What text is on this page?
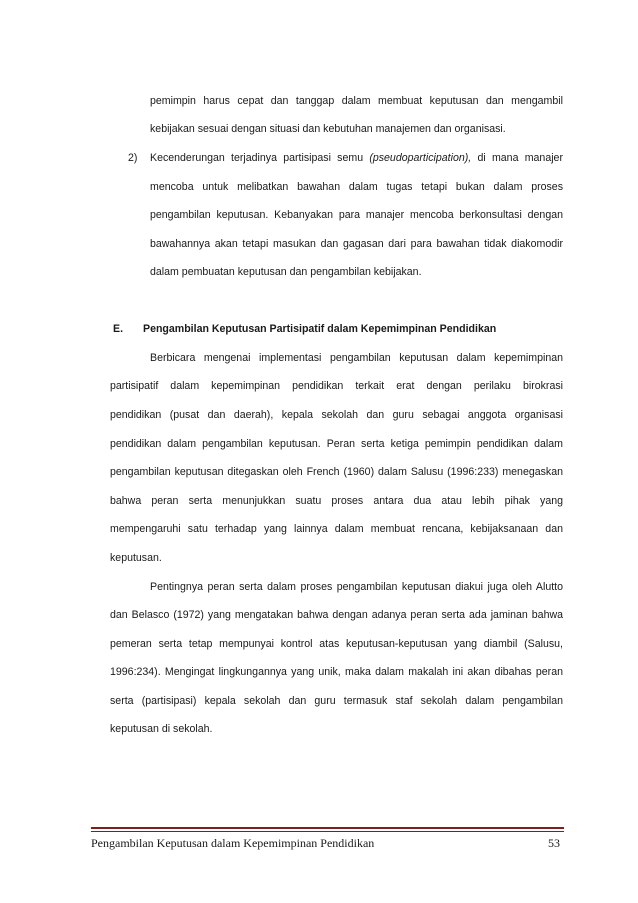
pemimpin harus cepat dan tanggap dalam membuat keputusan dan mengambil
kebijakan sesuai dengan situasi dan kebutuhan manajemen dan organisasi.
2) Kecenderungan terjadinya partisipasi semu (pseudoparticipation), di mana manajer
mencoba untuk melibatkan bawahan dalam tugas tetapi bukan dalam proses
pengambilan keputusan. Kebanyakan para manajer mencoba berkonsultasi dengan
bawahannya akan tetapi masukan dan gagasan dari para bawahan tidak diakomodir
dalam pembuatan keputusan dan pengambilan kebijakan.
E. Pengambilan Keputusan Partisipatif dalam Kepemimpinan Pendidikan
Berbicara mengenai implementasi pengambilan keputusan dalam kepemimpinan
partisipatif dalam kepemimpinan pendidikan terkait erat dengan perilaku birokrasi
pendidikan (pusat dan daerah), kepala sekolah dan guru sebagai anggota organisasi
pendidikan dalam pengambilan keputusan. Peran serta ketiga pemimpin pendidikan dalam
pengambilan keputusan ditegaskan oleh French (1960) dalam Salusu (1996:233) menegaskan
bahwa peran serta menunjukkan suatu proses antara dua atau lebih pihak yang
mempengaruhi satu terhadap yang lainnya dalam membuat rencana, kebijaksanaan dan
keputusan.
Pentingnya peran serta dalam proses pengambilan keputusan diakui juga oleh Alutto
dan Belasco (1972) yang mengatakan bahwa dengan adanya peran serta ada jaminan bahwa
pemeran serta tetap mempunyai kontrol atas keputusan-keputusan yang diambil (Salusu,
1996:234). Mengingat lingkungannya yang unik, maka dalam makalah ini akan dibahas peran
serta (partisipasi) kepala sekolah dan guru termasuk staf sekolah dalam pengambilan
keputusan di sekolah.
Pengambilan Keputusan dalam Kepemimpinan Pendidikan	53
